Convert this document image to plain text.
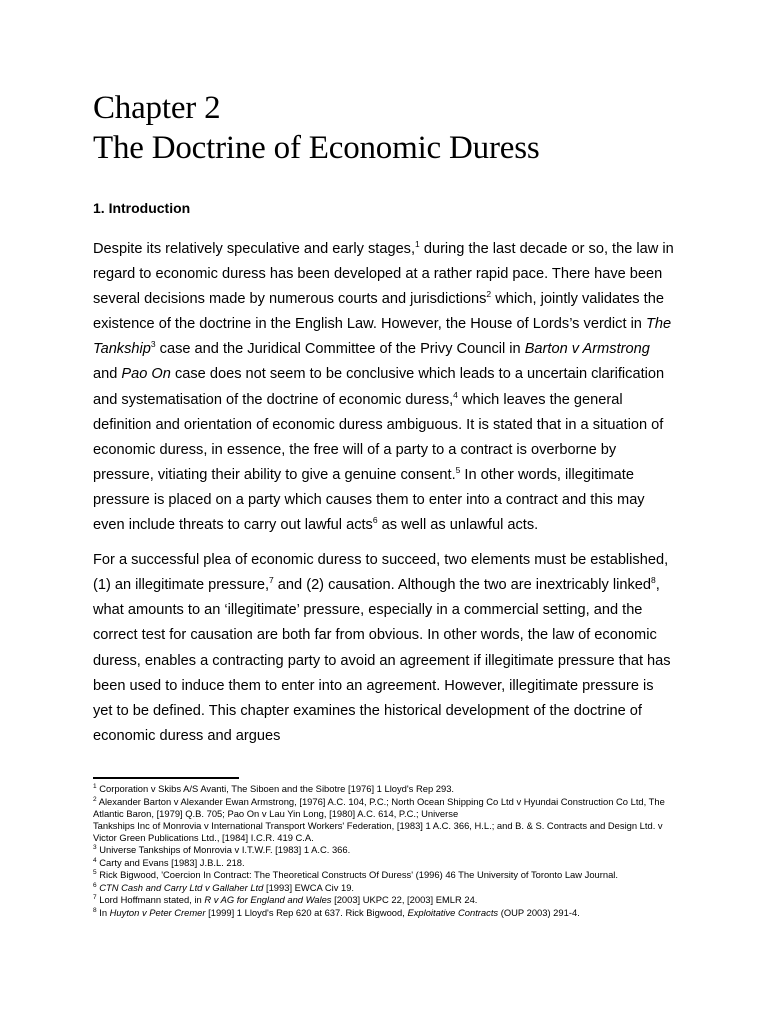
Chapter 2
The Doctrine of Economic Duress
1. Introduction

Despite its relatively speculative and early stages,$^1$ during the last decade or so, the law in regard to economic duress has been developed at a rather rapid pace. There have been several decisions made by numerous courts and jurisdictions$^2$ which, jointly validates the existence of the doctrine in the English Law. However, the House of Lords’s verdict in The Tankship$^3$ case and the Juridical Committee of the Privy Council in Barton v Armstrong and Pao On case does not seem to be conclusive which leads to a uncertain clarification and systematisation of the doctrine of economic duress,$^4$ which leaves the general definition and orientation of economic duress ambiguous. It is stated that in a situation of economic duress, in essence, the free will of a party to a contract is overborne by pressure, vitiating their ability to give a genuine consent.$^5$ In other words, illegitimate pressure is placed on a party which causes them to enter into a contract and this may even include threats to carry out lawful acts$^6$ as well as unlawful acts.

For a successful plea of economic duress to succeed, two elements must be established, (1) an illegitimate pressure,$^7$ and (2) causation. Although the two are inextricably linked$^8$, what amounts to an ‘illegitimate’ pressure, especially in a commercial setting, and the correct test for causation are both far from obvious. In other words, the law of economic duress, enables a contracting party to avoid an agreement if illegitimate pressure that has been used to induce them to enter into an agreement. However, illegitimate pressure is yet to be defined. This chapter examines the historical development of the doctrine of economic duress and argues

$^1$ Corporation v Skibs A/S Avanti, The Siboen and the Sibotre [1976] 1 Lloyd's Rep 293.

$^2$ Alexander Barton v Alexander Ewan Armstrong, [1976] A.C. 104, P.C.; North Ocean Shipping Co Ltd v Hyundai Construction Co Ltd, The Atlantic Baron, [1979] Q.B. 705; Pao On v Lau Yin Long, [1980] A.C. 614, P.C.; Universe
Tankships Inc of Monrovia v International Transport Workers' Federation, [1983] 1 A.C. 366, H.L.; and B. & S. Contracts and Design Ltd. v Victor Green Publications Ltd., [1984] I.C.R. 419 C.A.

$^3$ Universe Tankships of Monrovia v I.T.W.F. [1983] 1 A.C. 366.

$^4$ Carty and Evans [1983] J.B.L. 218.

$^5$ Rick Bigwood, 'Coercion In Contract: The Theoretical Constructs Of Duress' (1996) 46 The University of Toronto Law Journal.

$^6$ CTN Cash and Carry Ltd v Gallaher Ltd [1993] EWCA Civ 19.

$^7$ Lord Hoffmann stated, in R v AG for England and Wales [2003] UKPC 22, [2003] EMLR 24.

$^8$ In Huyton v Peter Cremer [1999] 1 Lloyd's Rep 620 at 637. Rick Bigwood, Exploitative Contracts (OUP 2003) 291-4.
